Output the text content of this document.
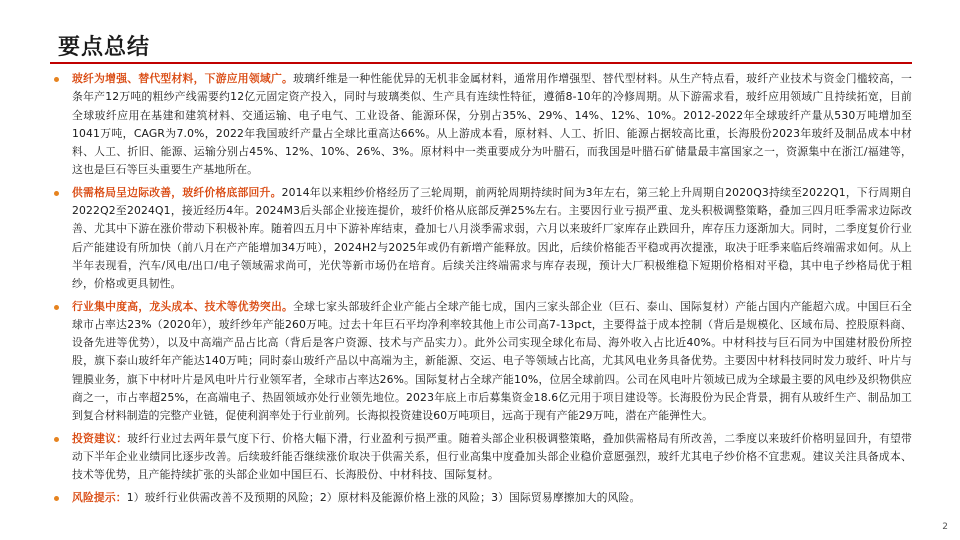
要点总结
玻纤为增强、替代型材料，下游应用领域广。玻璃纤维是一种性能优异的无机非金属材料，通常用作增强型、替代型材料。从生产特点看，玻纤产业技术与资金门槛较高，一条年产12万吨的粗纱产线需要约12亿元固定资产投入，同时与玻璃类似、生产具有连续性特征，遵循8-10年的冷修周期。从下游需求看，玻纤应用领域广且持续拓宽，目前全球玻纤应用在基建和建筑材料、交通运输、电子电气、工业设备、能源环保，分别占35%、29%、14%、12%、10%。2012-2022年全球玻纤产量从530万吨增加至1041万吨，CAGR为7.0%，2022年我国玻纤产量占全球比重高达66%。从上游成本看，原材料、人工、折旧、能源占据较高比重，长海股份2023年玻纤及制品成本中材料、人工、折旧、能源、运输分别占45%、12%、10%、26%、3%。原材料中一类重要成分为叶腊石，而我国是叶腊石矿储量最丰富国家之一，资源集中在浙江/福建等，这也是巨石等巨头重要生产基地所在。
供需格局呈边际改善，玻纤价格底部回升。2014年以来粗纱价格经历了三轮周期，前两轮周期持续时间为3年左右，第三轮上升周期自2020Q3持续至2022Q1，下行周期自2022Q2至2024Q1，接近经历4年。2024M3后头部企业接连提价，玻纤价格从底部反弹25%左右。主要因行业亏损严重、龙头积极调整策略，叠加三四月旺季需求边际改善、尤其中下游在涨价带动下积极补库。随着四五月中下游补库结束，叠加七八月淡季需求弱，六月以来玻纤厂家库存止跌回升，库存压力逐渐加大。同时，二季度复价行业后产能建设有所加快（前八月在产产能增加34万吨），2024H2与2025年或仍有新增产能释放。因此，后续价格能否平稳或再次提涨，取决于旺季来临后终端需求如何。从上半年表现看，汽车/风电/出口/电子领域需求尚可，光伏等新市场仍在培育。后续关注终端需求与库存表现，预计大厂积极维稳下短期价格相对平稳，其中电子纱格局优于粗纱，价格或更具韧性。
行业集中度高，龙头成本、技术等优势突出。全球七家头部玻纤企业产能占全球产能七成，国内三家头部企业（巨石、泰山、国际复材）产能占国内产能超六成。中国巨石全球市占率达23%（2020年），玻纤纱年产能260万吨。过去十年巨石平均净利率较其他上市公司高7-13pct，主要得益于成本控制（背后是规模化、区域布局、控股原料商、设备先进等优势），以及中高端产品占比高（背后是客户资源、技术与产品实力）。此外公司实现全球化布局、海外收入占比近40%。中材科技与巨石同为中国建材股份所控股，旗下泰山玻纤年产能达140万吨；同时泰山玻纤产品以中高端为主，新能源、交运、电子等领域占比高，尤其风电业务具备优势。主要因中材科技同时发力玻纤、叶片与锂膜业务，旗下中材叶片是风电叶片行业领军者，全球市占率达26%。国际复材占全球产能10%，位居全球前四。公司在风电叶片领域已成为全球最主要的风电纱及织物供应商之一，市占率超25%，在高端电子、热固领域亦处行业领先地位。2023年底上市后募集资金18.6亿元用于项目建设等。长海股份为民企背景，拥有从玻纤生产、制品加工到复合材料制造的完整产业链，促使利润率处于行业前列。长海拟投资建设60万吨项目，远高于现有产能29万吨，潜在产能弹性大。
投资建议：玻纤行业过去两年景气度下行、价格大幅下滑，行业盈利亏损严重。随着头部企业积极调整策略，叠加供需格局有所改善，二季度以来玻纤价格明显回升，有望带动下半年企业业绩同比逐步改善。后续玻纤能否继续涨价取决于供需关系，但行业高集中度叠加头部企业稳价意愿强烈，玻纤尤其电子纱价格不宜悲观。建议关注具备成本、技术等优势，且产能持续扩张的头部企业如中国巨石、长海股份、中材科技、国际复材。
风险提示：1）玻纤行业供需改善不及预期的风险；2）原材料及能源价格上涨的风险；3）国际贸易摩擦加大的风险。
2
